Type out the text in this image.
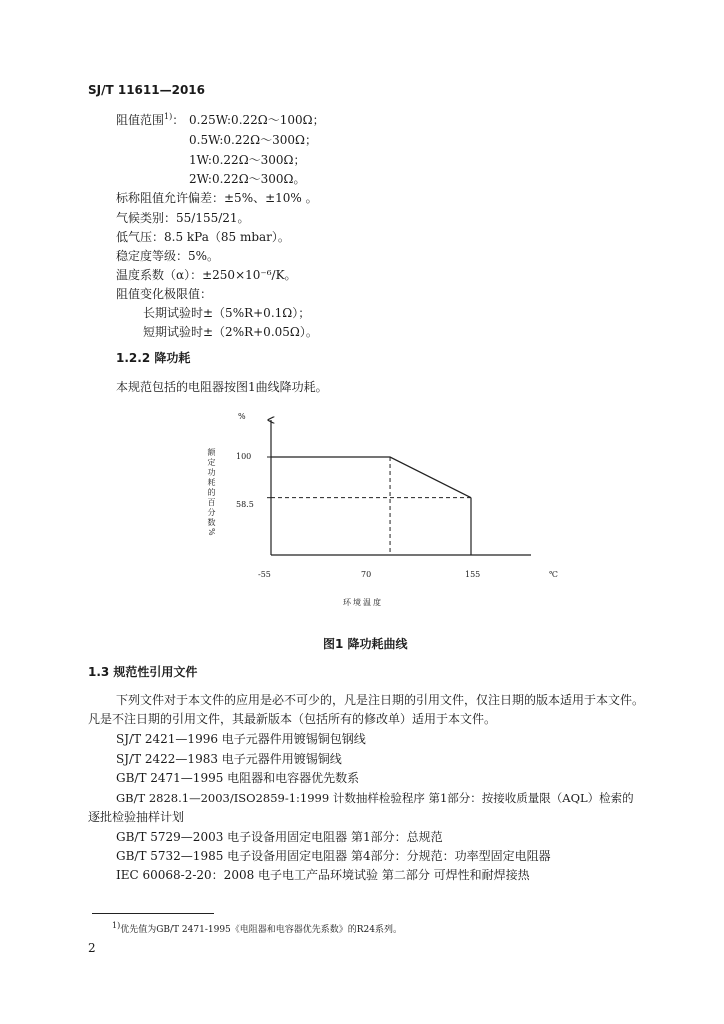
SJ/T 11611—2016
阻值范围$^{1)}$： 0.25W:0.22Ω～100Ω；
0.5W:0.22Ω～300Ω；
1W:0.22Ω～300Ω；
2W:0.22Ω～300Ω。
标称阻值允许偏差：±5%、±10% 。
气候类别：55/155/21。
低气压：8.5 kPa（85 mbar）。
稳定度等级：5%。
温度系数（α）：±250×10⁻⁶/K。
阻值变化极限值：
长期试验时±（5%R+0.1Ω）；
短期试验时±（2%R+0.05Ω）。
1.2.2 降功耗
本规范包括的电阻器按图1曲线降功耗。
%
100
58.5
-55	70	155	℃
环境温度
额定功耗的百分数%
图1 降功耗曲线
1.3 规范性引用文件
下列文件对于本文件的应用是必不可少的，凡是注日期的引用文件，仅注日期的版本适用于本文件。
凡是不注日期的引用文件，其最新版本（包括所有的修改单）适用于本文件。
SJ/T 2421—1996 电子元器件用镀锡铜包钢线
SJ/T 2422—1983 电子元器件用镀锡铜线
GB/T 2471—1995 电阻器和电容器优先数系
GB/T 2828.1—2003/ISO2859-1:1999 计数抽样检验程序 第1部分：按接收质量限（AQL）检索的
逐批检验抽样计划
GB/T 5729—2003 电子设备用固定电阻器 第1部分：总规范
GB/T 5732—1985 电子设备用固定电阻器 第4部分：分规范：功率型固定电阻器
IEC 60068-2-20：2008 电子电工产品环境试验 第二部分 可焊性和耐焊接热
$^{1)}$优先值为GB/T 2471-1995《电阻器和电容器优先系数》的R24系列。
2
